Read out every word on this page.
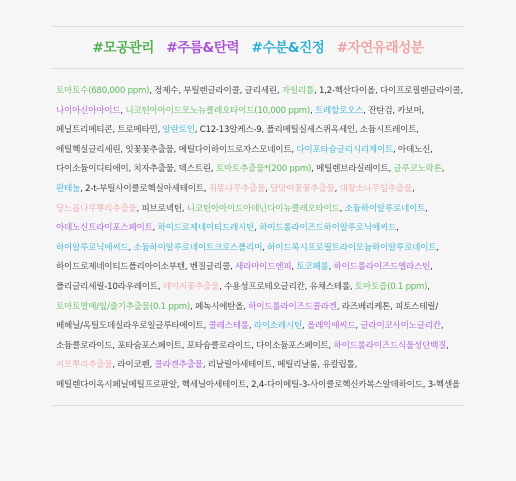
#모공관리 #주름&탄력 #수분&진정 #자연유래성분
토마토수(680,000 ppm), 정제수, 부틸렌글라이콜, 글리세린, 자일리톨, 1,2-헥산다이올, 다이프로필렌글라이콜, 나이아신아마이드, 니코틴아마이드모노뉴클레오타이드(10,000 ppm), 트레할로오스, 잔탄검, 카보머, 페닐트리메티콘, 트로메타민, 알란토인, C12-13알케스-9, 폴리메틸실세스퀴옥세인, 소듐시트레이트, 에틸헥실글리세린, 잇꽃꽃추출물, 메틸다이하이드로자스모네이트, 다이포타슘글리시리제이트, 아데노신, 다이소듐이디티에이, 치자추출물, 덱스트린, 토마토추출물*(200 ppm), 메틸렌브라실레이트, 글루코노락톤, 판테놀, 2-t-부틸사이클로헥실아세테이트, 쥐똥나무추출물, 달맞이꽃꽃추출물, 대왕소나무잎추출물, 당느릅나무뿌리추출물, 피브로넥틴, 니코틴아마이드아데닌다이뉴클레오타이드, 소듐하이알루로네이트, 아데노신트라이포스페이트, 하이드로제네이티드레시틴, 하이드롤라이즈드하이알루로닉애씨드, 하이알루로닉애씨드, 소듐하이알루로네이트크로스폴리머, 하이드록시프로필트라이모늄하이알루로네이트, 하이드로제네이티드폴리아이소부텐, 벤질글리콜, 세라마이드엔피, 토코페롤, 하이드롤라이즈드엘라스틴, 폴리글리세릴-10라우레이트, 데이지꽃추출물, 수용성프로테오글리칸, 유채스테롤, 토마토즙(0.1 ppm), 토마토열매/잎/줄기추출물(0.1 ppm), 페녹시에탄올, 하이드롤라이즈드콜라겐, 라즈베리케톤, 피토스테릴/베헤닐/옥틸도데실라우로일글루타메이트, 콜레스테롤, 라이소레시틴, 올레익애씨드, 글라이코사미노글리칸, 소듐클로라이드, 포타슘포스페이트, 포타슘클로라이드, 다이소듐포스페이트, 하이드롤라이즈드식물성단백질, 지모뿌리추출물, 라이코펜, 콜라겐추출물, 리날릴아세테이트, 메틸리날룸, 유칼립톨, 메틸렌다이옥시페닐메틸프로판알, 헥세닐아세테이트, 2,4-다이메틸-3-사이클로헥신카복스알데하이드, 3-헥센올
